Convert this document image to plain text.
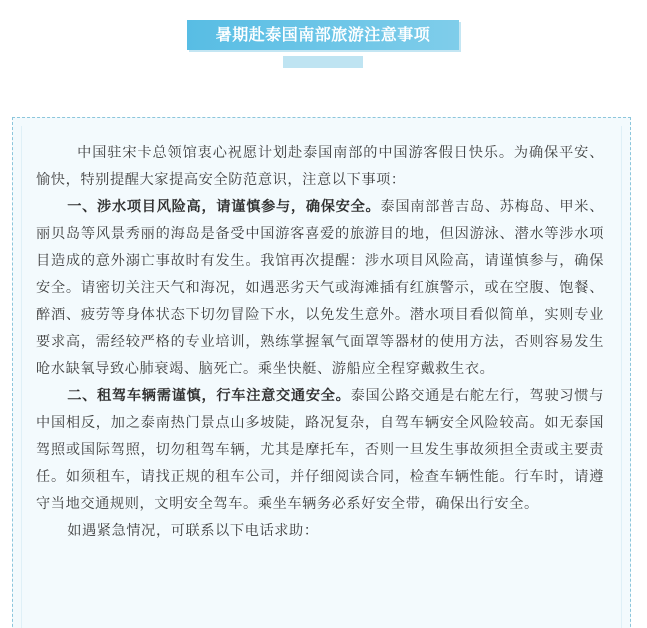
暑期赴泰国南部旅游注意事项

中国驻宋卡总领馆衷心祝愿计划赴泰国南部的中国游客假日快乐。为确保平安、愉快，特别提醒大家提高安全防范意识，注意以下事项：

一、涉水项目风险高，请谨慎参与，确保安全。泰国南部普吉岛、苏梅岛、甲米、丽贝岛等风景秀丽的海岛是备受中国游客喜爱的旅游目的地，但因游泳、潜水等涉水项目造成的意外溺亡事故时有发生。我馆再次提醒：涉水项目风险高，请谨慎参与，确保安全。请密切关注天气和海况，如遇恶劣天气或海滩插有红旗警示，或在空腹、饱餐、醉酒、疲劳等身体状态下切勿冒险下水，以免发生意外。潜水项目看似简单，实则专业要求高，需经较严格的专业培训，熟练掌握氧气面罩等器材的使用方法，否则容易发生呛水缺氧导致心肺衰竭、脑死亡。乘坐快艇、游船应全程穿戴救生衣。

二、租驾车辆需谨慎，行车注意交通安全。泰国公路交通是右舵左行，驾驶习惯与中国相反，加之泰南热门景点山多坡陡，路况复杂，自驾车辆安全风险较高。如无泰国驾照或国际驾照，切勿租驾车辆，尤其是摩托车，否则一旦发生事故须担全责或主要责任。如须租车，请找正规的租车公司，并仔细阅读合同，检查车辆性能。行车时，请遵守当地交通规则，文明安全驾车。乘坐车辆务必系好安全带，确保出行安全。

如遇紧急情况，可联系以下电话求助：
